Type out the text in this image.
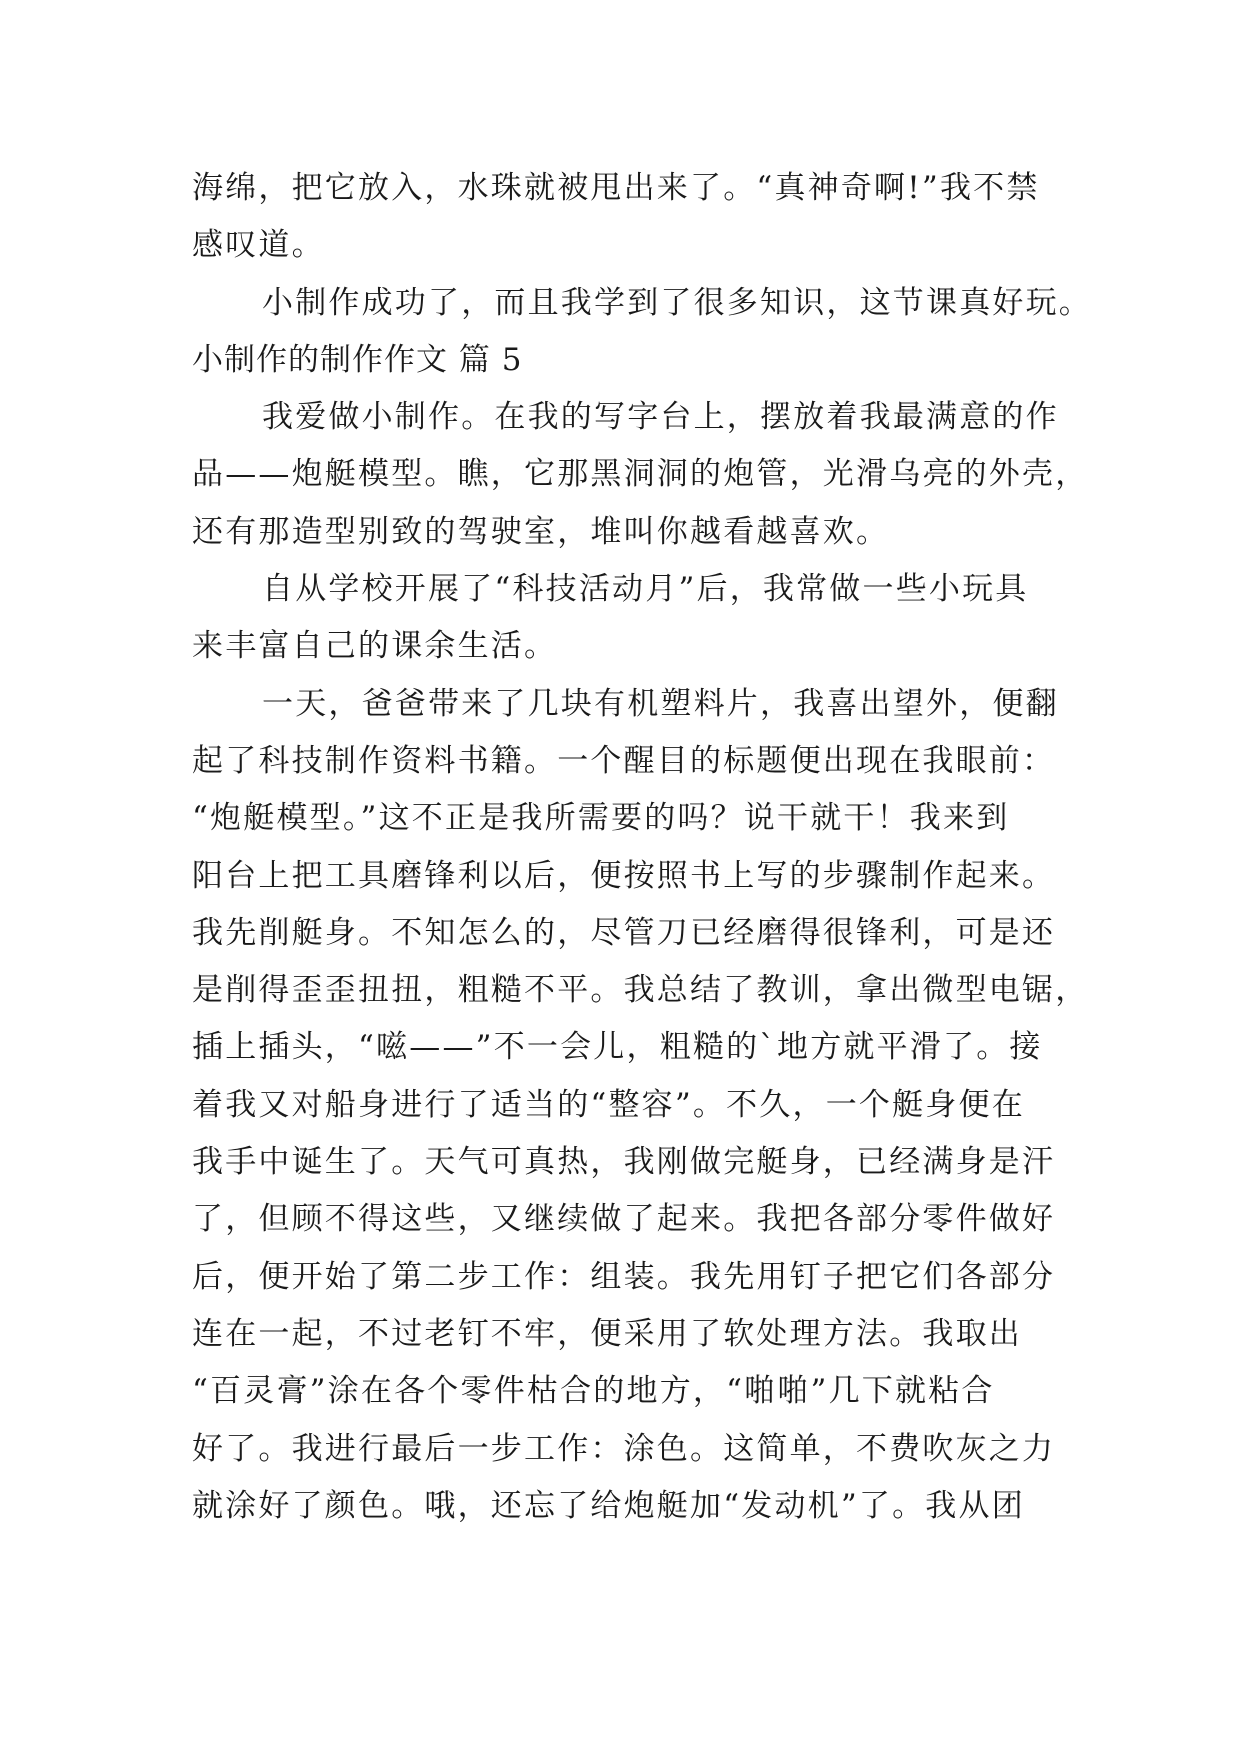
海绵，把它放入，水珠就被甩出来了。“真神奇啊!”我不禁
感叹道。
小制作成功了，而且我学到了很多知识，这节课真好玩。
小制作的制作作文 篇 5
我爱做小制作。在我的写字台上，摆放着我最满意的作
品——炮艇模型。瞧，它那黑洞洞的炮管，光滑乌亮的外壳，
还有那造型别致的驾驶室，堆叫你越看越喜欢。
自从学校开展了“科技活动月”后，我常做一些小玩具
来丰富自己的课余生活。
一天，爸爸带来了几块有机塑料片，我喜出望外，便翻
起了科技制作资料书籍。一个醒目的标题便出现在我眼前：
“炮艇模型。”这不正是我所需要的吗？说干就干！我来到
阳台上把工具磨锋利以后，便按照书上写的步骤制作起来。
我先削艇身。不知怎么的，尽管刀已经磨得很锋利，可是还
是削得歪歪扭扭，粗糙不平。我总结了教训，拿出微型电锯，
插上插头，“嗞——”不一会儿，粗糙的`地方就平滑了。接
着我又对船身进行了适当的“整容”。不久，一个艇身便在
我手中诞生了。天气可真热，我刚做完艇身，已经满身是汗
了，但顾不得这些，又继续做了起来。我把各部分零件做好
后，便开始了第二步工作：组装。我先用钉子把它们各部分
连在一起，不过老钉不牢，便采用了软处理方法。我取出
“百灵膏”涂在各个零件枯合的地方，“啪啪”几下就粘合
好了。我进行最后一步工作：涂色。这简单，不费吹灰之力
就涂好了颜色。哦，还忘了给炮艇加“发动机”了。我从团
